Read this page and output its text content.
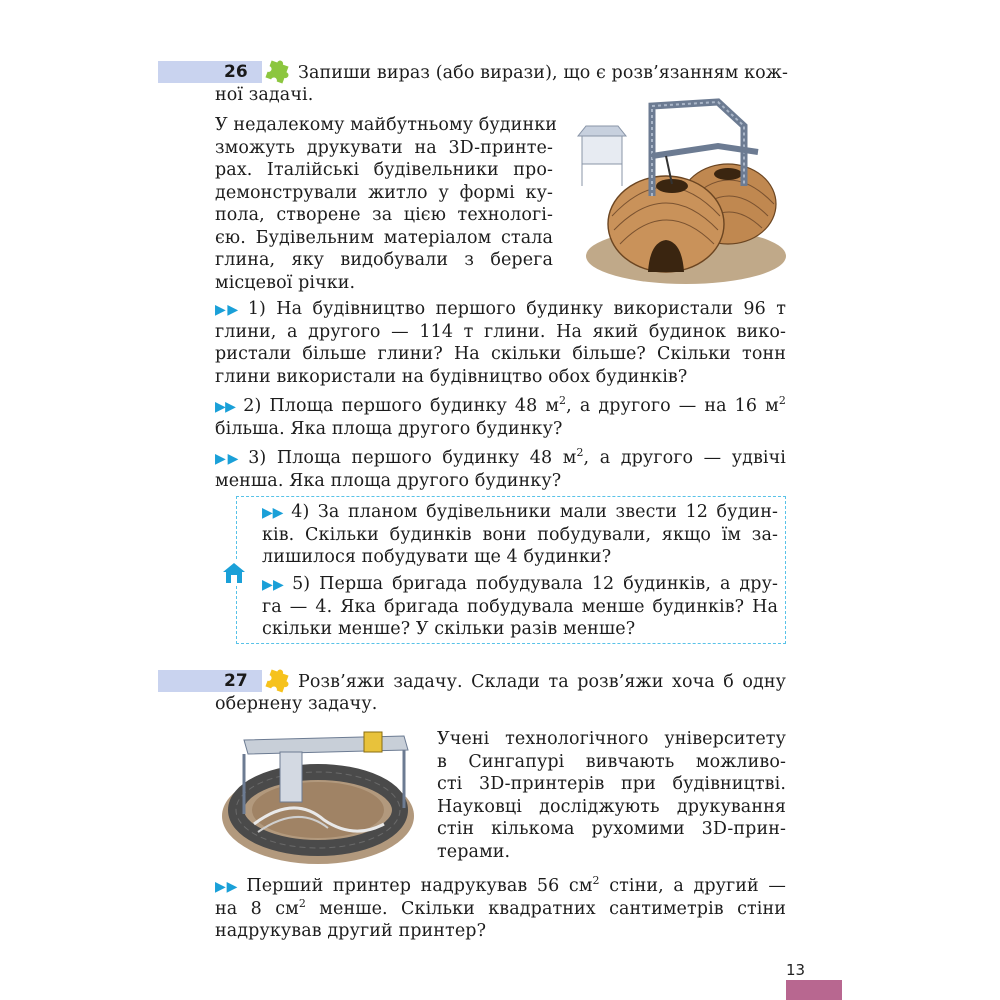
26	Запиши вираз (або вирази), що є розв’язанням кож-
ної задачі.
У недалекому майбутньому будинки
зможуть друкувати на 3D-принте-
рах. Італійські будівельники про-
демонстрували житло у формі ку-
пола, створене за цією технологі-
єю. Будівельним матеріалом стала
глина, яку видобували з берега
місцевої річки.
▶▶ 1) На будівництво першого будинку використали 96 т
глини, а другого — 114 т глини. На який будинок вико-
ристали більше глини? На скільки більше? Скільки тонн
глини використали на будівництво обох будинків?
▶▶ 2) Площа першого будинку 48 $м^2$, а другого — на 16 $м^2$
більша. Яка площа другого будинку?
▶▶ 3) Площа першого будинку 48 $м^2$, а другого — удвічі
менша. Яка площа другого будинку?
▶▶ 4) За планом будівельники мали звести 12 будин-
ків. Скільки будинків вони побудували, якщо їм за-
лишилося побудувати ще 4 будинки?
▶▶ 5) Перша бригада побудувала 12 будинків, а дру-
га — 4. Яка бригада побудувала менше будинків? На
скільки менше? У скільки разів менше?
27	Розв’яжи задачу. Склади та розв’яжи хоча б одну
обернену задачу.
Учені технологічного університету
в Сингапурі вивчають можливо-
сті 3D-принтерів при будівництві.
Науковці досліджують друкування
стін кількома рухомими 3D-прин-
терами.
▶▶ Перший принтер надрукував 56 $см^2$ стіни, а другий —
на 8 $см^2$ менше. Скільки квадратних сантиметрів стіни
надрукував другий принтер?
13
